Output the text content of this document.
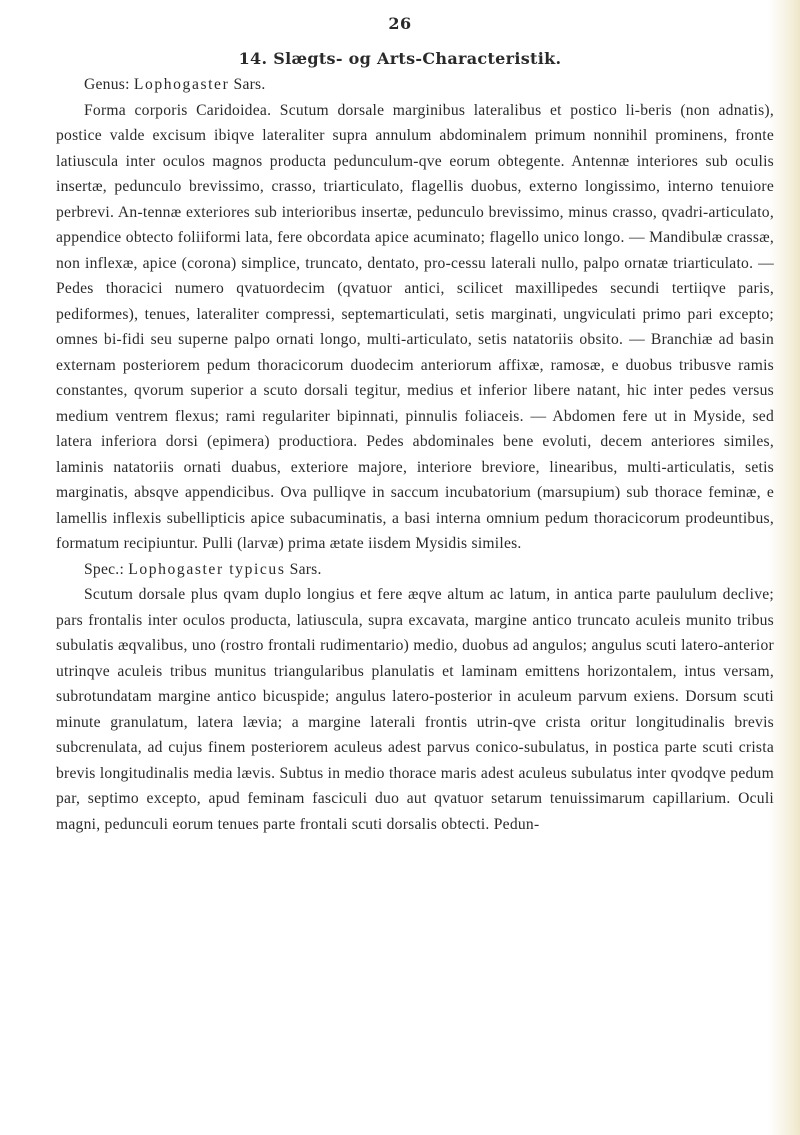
26
14. Slægts- og Arts-Characteristik.

Genus: Lophogaster Sars.

Forma corporis Caridoidea. Scutum dorsale marginibus lateralibus et postico li-beris (non adnatis), postice valde excisum ibiqve lateraliter supra annulum abdominalem primum nonnihil prominens, fronte latiuscula inter oculos magnos producta pedunculum-qve eorum obtegente. Antennæ interiores sub oculis insertæ, pedunculo brevissimo, crasso, triarticulato, flagellis duobus, externo longissimo, interno tenuiore perbrevi. An-tennæ exteriores sub interioribus insertæ, pedunculo brevissimo, minus crasso, qvadri-articulato, appendice obtecto foliiformi lata, fere obcordata apice acuminato; flagello unico longo. — Mandibulæ crassæ, non inflexæ, apice (corona) simplice, truncato, dentato, pro-cessu laterali nullo, palpo ornatæ triarticulato. — Pedes thoracici numero qvatuordecim (qvatuor antici, scilicet maxillipedes secundi tertiiqve paris, pediformes), tenues, lateraliter compressi, septemarticulati, setis marginati, ungviculati primo pari excepto; omnes bi-fidi seu superne palpo ornati longo, multi-articulato, setis natatoriis obsito. — Branchiæ ad basin externam posteriorem pedum thoracicorum duodecim anteriorum affixæ, ramosæ, e duobus tribusve ramis constantes, qvorum superior a scuto dorsali tegitur, medius et inferior libere natant, hic inter pedes versus medium ventrem flexus; rami regulariter bipinnati, pinnulis foliaceis. — Abdomen fere ut in Myside, sed latera inferiora dorsi (epimera) productiora. Pedes abdominales bene evoluti, decem anteriores similes, laminis natatoriis ornati duabus, exteriore majore, interiore breviore, linearibus, multi-articulatis, setis marginatis, absqve appendicibus. Ova pulliqve in saccum incubatorium (marsupium) sub thorace feminæ, e lamellis inflexis subellipticis apice subacuminatis, a basi interna omnium pedum thoracicorum prodeuntibus, formatum recipiuntur. Pulli (larvæ) prima ætate iisdem Mysidis similes.

Spec.: Lophogaster typicus Sars.

Scutum dorsale plus qvam duplo longius et fere æqve altum ac latum, in antica parte paululum declive; pars frontalis inter oculos producta, latiuscula, supra excavata, margine antico truncato aculeis munito tribus subulatis æqvalibus, uno (rostro frontali rudimentario) medio, duobus ad angulos; angulus scuti latero-anterior utrinqve aculeis tribus munitus triangularibus planulatis et laminam emittens horizontalem, intus versam, subrotundatam margine antico bicuspide; angulus latero-posterior in aculeum parvum exiens. Dorsum scuti minute granulatum, latera lævia; a margine laterali frontis utrin-qve crista oritur longitudinalis brevis subcrenulata, ad cujus finem posteriorem aculeus adest parvus conico-subulatus, in postica parte scuti crista brevis longitudinalis media lævis. Subtus in medio thorace maris adest aculeus subulatus inter qvodqve pedum par, septimo excepto, apud feminam fasciculi duo aut qvatuor setarum tenuissimarum capillarium. Oculi magni, pedunculi eorum tenues parte frontali scuti dorsalis obtecti. Pedun-
